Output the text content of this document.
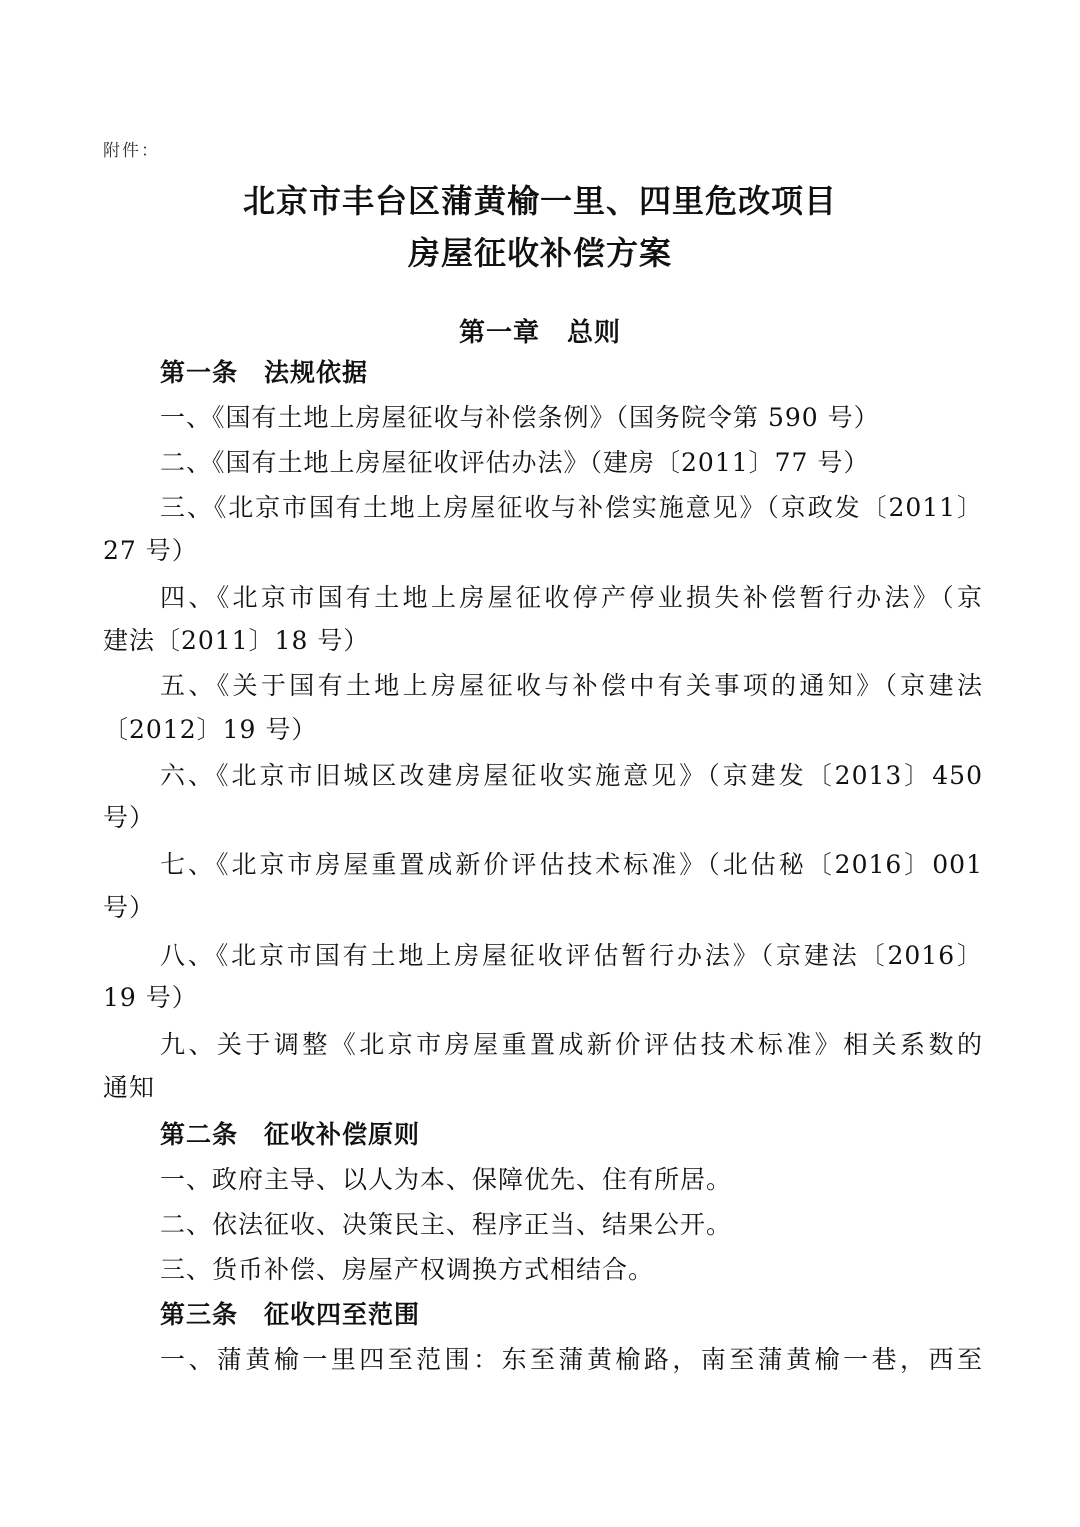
附件：
北京市丰台区蒲黄榆一里、四里危改项目
房屋征收补偿方案
第一章　总则
第一条　法规依据
一、《国有土地上房屋征收与补偿条例》（国务院令第 590 号）
二、《国有土地上房屋征收评估办法》（建房〔2011〕77 号）
三、《北京市国有土地上房屋征收与补偿实施意见》（京政发〔2011〕
27 号）
四、《北京市国有土地上房屋征收停产停业损失补偿暂行办法》（京
建法〔2011〕18 号）
五、《关于国有土地上房屋征收与补偿中有关事项的通知》（京建法
〔2012〕19 号）
六、《北京市旧城区改建房屋征收实施意见》（京建发〔2013〕450
号）
七、《北京市房屋重置成新价评估技术标准》（北估秘〔2016〕001
号）
八、《北京市国有土地上房屋征收评估暂行办法》（京建法〔2016〕
19 号）
九、关于调整《北京市房屋重置成新价评估技术标准》相关系数的
通知
第二条　征收补偿原则
一、政府主导、以人为本、保障优先、住有所居。
二、依法征收、决策民主、程序正当、结果公开。
三、货币补偿、房屋产权调换方式相结合。
第三条　征收四至范围
一、蒲黄榆一里四至范围：东至蒲黄榆路，南至蒲黄榆一巷，西至
